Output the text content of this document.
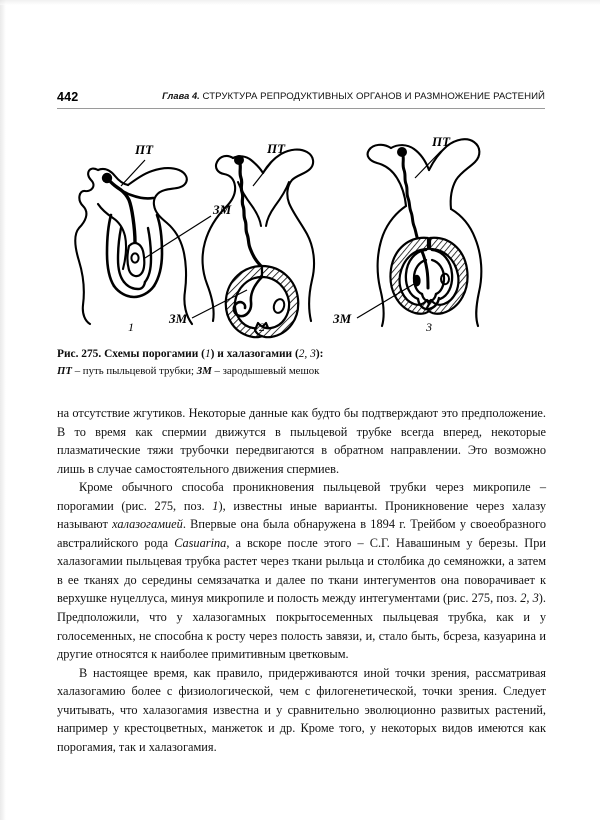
442	Глава 4. СТРУКТУРА РЕПРОДУКТИВНЫХ ОРГАНОВ И РАЗМНОЖЕНИЕ РАСТЕНИЙ
ПТ
ЗМ
1
ПТ
ЗМ
2
ПТ
ЗМ
3
Рис. 275. Схемы порогамии (1) и халазогамии (2, 3):
ПТ – путь пыльцевой трубки; ЗМ – зародышевый мешок

на отсутствие жгутиков. Некоторые данные как будто бы подтверждают это предположение. В то время как спермии движутся в пыльцевой трубке всегда вперед, некоторые плазматические тяжи трубочки передвигаются в обратном направлении. Это возможно лишь в случае самостоятельного движения спермиев.

Кроме обычного способа проникновения пыльцевой трубки через микропиле – порогамии (рис. 275, поз. 1), известны иные варианты. Проникновение через халазу называют халазогамией. Впервые она была обнаружена в 1894 г. Трейбом у своеобразного австралийского рода Casuarina, а вскоре после этого – С.Г. Навашиным у березы. При халазогамии пыльцевая трубка растет через ткани рыльца и столбика до семяножки, а затем в ее тканях до середины семязачатка и далее по ткани интегументов она поворачивает к верхушке нуцеллуса, минуя микропиле и полость между интегументами (рис. 275, поз. 2, 3). Предположили, что у халазогамных покрытосеменных пыльцевая трубка, как и у голосеменных, не способна к росту через полость завязи, и, стало быть, бсреза, казуарина и другие относятся к наиболее примитивным цветковым.

В настоящее время, как правило, придерживаются иной точки зрения, рассматривая халазогамию более с физиологической, чем с филогенетической, точки зрения. Следует учитывать, что халазогамия известна и у сравнительно эволюционно развитых растений, например у крестоцветных, манжеток и др. Кроме того, у некоторых видов имеются как порогамия, так и халазогамия.
